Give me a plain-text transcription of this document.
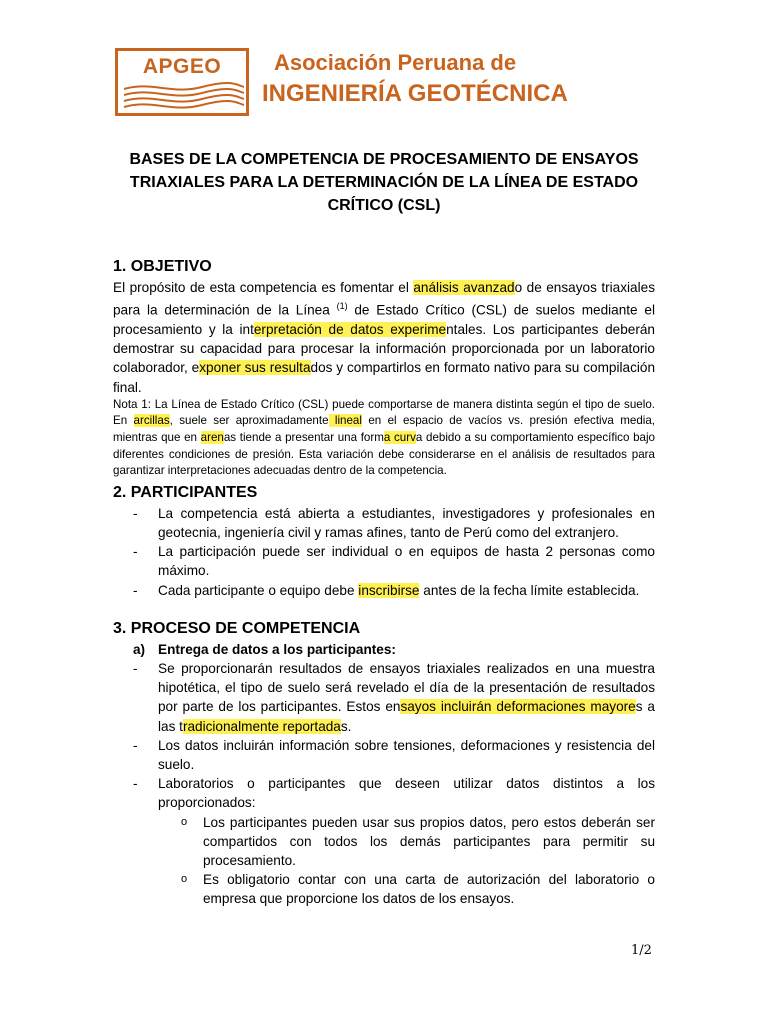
APGEO	Asociación Peruana de
INGENIERÍA GEOTÉCNICA
BASES DE LA COMPETENCIA DE PROCESAMIENTO DE ENSAYOS TRIAXIALES PARA LA DETERMINACIÓN DE LA LÍNEA DE ESTADO CRÍTICO (CSL)
1. OBJETIVO

El propósito de esta competencia es fomentar el análisis avanzado de ensayos triaxiales para la determinación de la Línea $^{(1)}$ de Estado Crítico (CSL) de suelos mediante el procesamiento y la interpretación de datos experimentales. Los participantes deberán demostrar su capacidad para procesar la información proporcionada por un laboratorio colaborador, exponer sus resultados y compartirlos en formato nativo para su compilación final.

Nota 1: La Línea de Estado Crítico (CSL) puede comportarse de manera distinta según el tipo de suelo. En arcillas, suele ser aproximadamente lineal en el espacio de vacíos vs. presión efectiva media, mientras que en arenas tiende a presentar una forma curva debido a su comportamiento específico bajo diferentes condiciones de presión. Esta variación debe considerarse en el análisis de resultados para garantizar interpretaciones adecuadas dentro de la competencia.

2. PARTICIPANTES
- La competencia está abierta a estudiantes, investigadores y profesionales en geotecnia, ingeniería civil y ramas afines, tanto de Perú como del extranjero.
- La participación puede ser individual o en equipos de hasta 2 personas como máximo.
- Cada participante o equipo debe inscribirse antes de la fecha límite establecida.
3. PROCESO DE COMPETENCIA
a) Entrega de datos a los participantes:
- Se proporcionarán resultados de ensayos triaxiales realizados en una muestra hipotética, el tipo de suelo será revelado el día de la presentación de resultados por parte de los participantes. Estos ensayos incluirán deformaciones mayores a las tradicionalmente reportadas.
- Los datos incluirán información sobre tensiones, deformaciones y resistencia del suelo.
- Laboratorios o participantes que deseen utilizar datos distintos a los proporcionados:
o Los participantes pueden usar sus propios datos, pero estos deberán ser compartidos con todos los demás participantes para permitir su procesamiento.
o Es obligatorio contar con una carta de autorización del laboratorio o empresa que proporcione los datos de los ensayos.
1/2
